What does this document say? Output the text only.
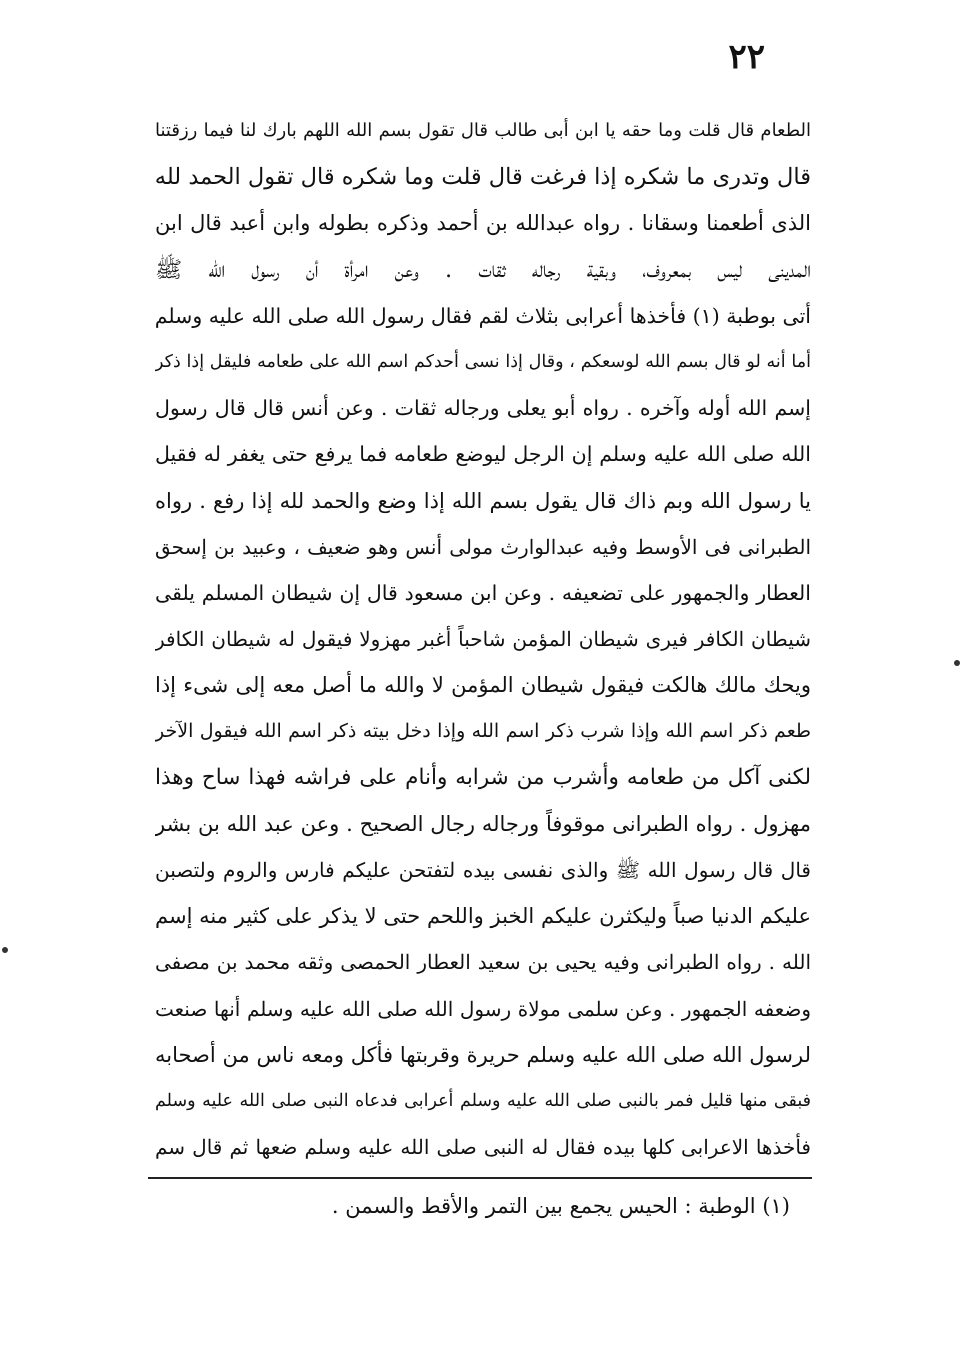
٢٢
الطعام قال قلت وما حقه يا ابن أبى طالب قال تقول بسم الله اللهم بارك لنا فيما رزقتنا
قال وتدرى ما شكره إذا فرغت قال قلت وما شكره قال تقول الحمد لله
الذى أطعمنا وسقانا . رواه عبدالله بن أحمد وذكره بطوله وابن أعبد قال ابن
المدينى ليس بمعروف، وبقية رجاله ثقات . وعن امرأة أن رسول الله ﷺ
أتى بوطبة (١) فأخذها أعرابى بثلاث لقم فقال رسول الله صلى الله عليه وسلم
أما أنه لو قال بسم الله لوسعكم ، وقال إذا نسى أحدكم اسم الله على طعامه فليقل إذا ذكر
إسم الله أوله وآخره . رواه أبو يعلى ورجاله ثقات . وعن أنس قال قال رسول
الله صلى الله عليه وسلم إن الرجل ليوضع طعامه فما يرفع حتى يغفر له فقيل
يا رسول الله وبم ذاك قال يقول بسم الله إذا وضع والحمد لله إذا رفع . رواه
الطبرانى فى الأوسط وفيه عبدالوارث مولى أنس وهو ضعيف ، وعبيد بن إسحق
العطار والجمهور على تضعيفه . وعن ابن مسعود قال إن شيطان المسلم يلقى
شيطان الكافر فيرى شيطان المؤمن شاحباً أغبر مهزولا فيقول له شيطان الكافر
ويحك مالك هالكت فيقول شيطان المؤمن لا والله ما أصل معه إلى شىء إذا
طعم ذكر اسم الله وإذا شرب ذكر اسم الله وإذا دخل بيته ذكر اسم الله فيقول الآخر
لكنى آكل من طعامه وأشرب من شرابه وأنام على فراشه فهذا ساح وهذا
مهزول . رواه الطبرانى موقوفاً ورجاله رجال الصحيح . وعن عبد الله بن بشر
قال قال رسول الله ﷺ والذى نفسى بيده لتفتحن عليكم فارس والروم ولتصبن
عليكم الدنيا صباً وليكثرن عليكم الخبز واللحم حتى لا يذكر على كثير منه إسم
الله . رواه الطبرانى وفيه يحيى بن سعيد العطار الحمصى وثقه محمد بن مصفى
وضعفه الجمهور . وعن سلمى مولاة رسول الله صلى الله عليه وسلم أنها صنعت
لرسول الله صلى الله عليه وسلم حريرة وقربتها فأكل ومعه ناس من أصحابه
فبقى منها قليل فمر بالنبى صلى الله عليه وسلم أعرابى فدعاه النبى صلى الله عليه وسلم
فأخذها الاعرابى كلها بيده فقال له النبى صلى الله عليه وسلم ضعها ثم قال سم
(١) الوطبة : الحيس يجمع بين التمر والأقط والسمن .
